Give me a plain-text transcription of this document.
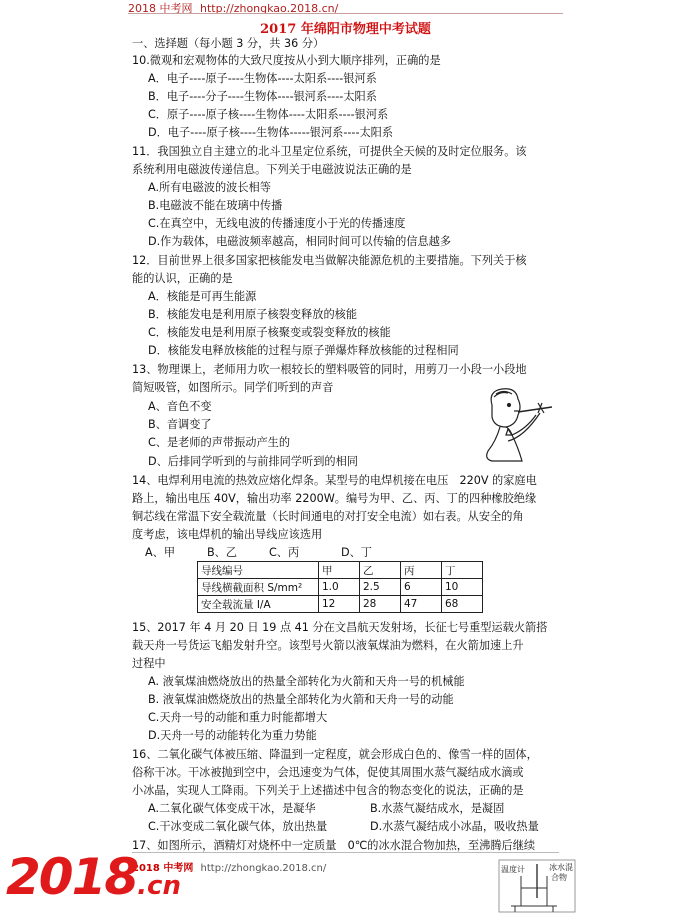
2018 中考网 http://zhongkao.2018.cn/
2017 年绵阳市物理中考试题
一、选择题（每小题 3 分，共 36 分）
10.微观和宏观物体的大致尺度按从小到大顺序排列，正确的是
A．电子----原子----生物体----太阳系----银河系
B．电子----分子----生物体----银河系----太阳系
C．原子----原子核----生物体----太阳系----银河系
D．电子----原子核----生物体-----银河系----太阳系
11．我国独立自主建立的北斗卫星定位系统，可提供全天候的及时定位服务。该
系统利用电磁波传递信息。下列关于电磁波说法正确的是
A.所有电磁波的波长相等
B.电磁波不能在玻璃中传播
C.在真空中，无线电波的传播速度小于光的传播速度
D.作为载体，电磁波频率越高，相同时间可以传输的信息越多
12．目前世界上很多国家把核能发电当做解决能源危机的主要措施。下列关于核
能的认识，正确的是
A．核能是可再生能源
B．核能发电是利用原子核裂变释放的核能
C．核能发电是利用原子核聚变或裂变释放的核能
D．核能发电释放核能的过程与原子弹爆炸释放核能的过程相同
13、物理课上，老师用力吹一根较长的塑料吸管的同时，用剪刀一小段一小段地
简短吸管，如图所示。同学们听到的声音
A、音色不变
B、音调变了
C、是老师的声带振动产生的
D、后排同学听到的与前排同学听到的相同
14、电焊利用电流的热效应熔化焊条。某型号的电焊机接在电压　220V 的家庭电
路上，输出电压 40V，输出功率 2200W。编号为甲、乙、丙、丁的四种橡胶绝缘
铜芯线在常温下安全载流量（长时间通电的对打安全电流）如右表。从安全的角
度考虑，该电焊机的输出导线应该选用
A、甲	B、乙	C、丙	D、丁
导线编号	甲	乙	丙	丁
导线横截面积 S/mm²	1.0	2.5	6	10
安全载流量 I/A	12	28	47	68
15、2017 年 4 月 20 日 19 点 41 分在文昌航天发射场，长征七号重型运载火箭搭
载天舟一号货运飞船发射升空。该型号火箭以液氧煤油为燃料，在火箭加速上升
过程中
A. 液氧煤油燃烧放出的热量全部转化为火箭和天舟一号的机械能
B. 液氧煤油燃烧放出的热量全部转化为火箭和天舟一号的动能
C.天舟一号的动能和重力时能都增大
D.天舟一号的动能转化为重力势能
16、二氧化碳气体被压缩、降温到一定程度，就会形成白色的、像雪一样的固体，
俗称干冰。干冰被抛到空中，会迅速变为气体，促使其周围水蒸气凝结成水滴或
小冰晶，实现人工降雨。下列关于上述描述中包含的物态变化的说法，正确的是
A.二氧化碳气体变成干冰，是凝华	B.水蒸气凝结成水，是凝固
C.干冰变成二氧化碳气体，放出热量	D.水蒸气凝结成小冰晶，吸收热量
17、如图所示，酒精灯对烧杯中一定质量　0℃的冰水混合物加热，至沸腾后继续
2018 中考网 http://zhongkao.2018.cn/	温度计	冰水混
合物
2018.cn
